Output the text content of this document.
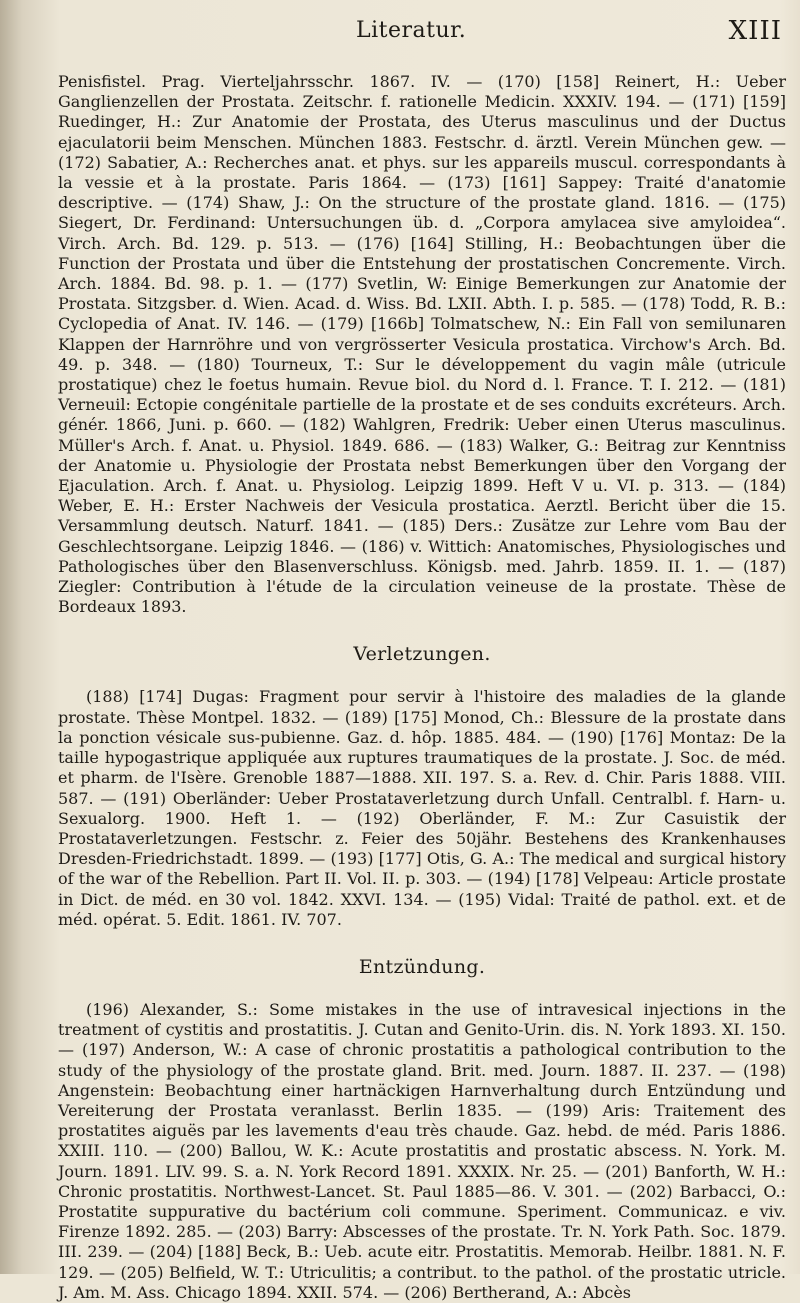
Literatur.	XIII

Penisfistel. Prag. Vierteljahrsschr. 1867. IV. — (170) [158] Reinert, H.: Ueber Ganglienzellen der Prostata. Zeitschr. f. rationelle Medicin. XXXIV. 194. — (171) [159] Ruedinger, H.: Zur Anatomie der Prostata, des Uterus masculinus und der Ductus ejaculatorii beim Menschen. München 1883. Festschr. d. ärztl. Verein München gew. — (172) Sabatier, A.: Recherches anat. et phys. sur les appareils muscul. correspondants à la vessie et à la prostate. Paris 1864. — (173) [161] Sappey: Traité d'anatomie descriptive. — (174) Shaw, J.: On the structure of the prostate gland. 1816. — (175) Siegert, Dr. Ferdinand: Untersuchungen üb. d. „Corpora amylacea sive amyloidea“. Virch. Arch. Bd. 129. p. 513. — (176) [164] Stilling, H.: Beobachtungen über die Function der Prostata und über die Entstehung der prostatischen Concremente. Virch. Arch. 1884. Bd. 98. p. 1. — (177) Svetlin, W: Einige Bemerkungen zur Anatomie der Prostata. Sitzgsber. d. Wien. Acad. d. Wiss. Bd. LXII. Abth. I. p. 585. — (178) Todd, R. B.: Cyclopedia of Anat. IV. 146. — (179) [166b] Tolmatschew, N.: Ein Fall von semilunaren Klappen der Harnröhre und von vergrösserter Vesicula prostatica. Virchow's Arch. Bd. 49. p. 348. — (180) Tourneux, T.: Sur le développement du vagin mâle (utricule prostatique) chez le foetus humain. Revue biol. du Nord d. l. France. T. I. 212. — (181) Verneuil: Ectopie congénitale partielle de la prostate et de ses conduits excréteurs. Arch. génér. 1866, Juni. p. 660. — (182) Wahlgren, Fredrik: Ueber einen Uterus masculinus. Müller's Arch. f. Anat. u. Physiol. 1849. 686. — (183) Walker, G.: Beitrag zur Kenntniss der Anatomie u. Physiologie der Prostata nebst Bemerkungen über den Vorgang der Ejaculation. Arch. f. Anat. u. Physiolog. Leipzig 1899. Heft V u. VI. p. 313. — (184) Weber, E. H.: Erster Nachweis der Vesicula prostatica. Aerztl. Bericht über die 15. Versammlung deutsch. Naturf. 1841. — (185) Ders.: Zusätze zur Lehre vom Bau der Geschlechtsorgane. Leipzig 1846. — (186) v. Wittich: Anatomisches, Physiologisches und Pathologisches über den Blasenverschluss. Königsb. med. Jahrb. 1859. II. 1. — (187) Ziegler: Contribution à l'étude de la circulation veineuse de la prostate. Thèse de Bordeaux 1893.

Verletzungen.

(188) [174] Dugas: Fragment pour servir à l'histoire des maladies de la glande prostate. Thèse Montpel. 1832. — (189) [175] Monod, Ch.: Blessure de la prostate dans la ponction vésicale sus-pubienne. Gaz. d. hôp. 1885. 484. — (190) [176] Montaz: De la taille hypogastrique appliquée aux ruptures traumatiques de la prostate. J. Soc. de méd. et pharm. de l'Isère. Grenoble 1887—1888. XII. 197. S. a. Rev. d. Chir. Paris 1888. VIII. 587. — (191) Oberländer: Ueber Prostataverletzung durch Unfall. Centralbl. f. Harn- u. Sexualorg. 1900. Heft 1. — (192) Oberländer, F. M.: Zur Casuistik der Prostataverletzungen. Festschr. z. Feier des 50jähr. Bestehens des Krankenhauses Dresden-Friedrichstadt. 1899. — (193) [177] Otis, G. A.: The medical and surgical history of the war of the Rebellion. Part II. Vol. II. p. 303. — (194) [178] Velpeau: Article prostate in Dict. de méd. en 30 vol. 1842. XXVI. 134. — (195) Vidal: Traité de pathol. ext. et de méd. opérat. 5. Edit. 1861. IV. 707.

Entzündung.

(196) Alexander, S.: Some mistakes in the use of intravesical injections in the treatment of cystitis and prostatitis. J. Cutan and Genito-Urin. dis. N. York 1893. XI. 150. — (197) Anderson, W.: A case of chronic prostatitis a pathological contribution to the study of the physiology of the prostate gland. Brit. med. Journ. 1887. II. 237. — (198) Angenstein: Beobachtung einer hartnäckigen Harnverhaltung durch Entzündung und Vereiterung der Prostata veranlasst. Berlin 1835. — (199) Aris: Traitement des prostatites aiguës par les lavements d'eau très chaude. Gaz. hebd. de méd. Paris 1886. XXIII. 110. — (200) Ballou, W. K.: Acute prostatitis and prostatic abscess. N. York. M. Journ. 1891. LIV. 99. S. a. N. York Record 1891. XXXIX. Nr. 25. — (201) Banforth, W. H.: Chronic prostatitis. Northwest-Lancet. St. Paul 1885—86. V. 301. — (202) Barbacci, O.: Prostatite suppurative du bactérium coli commune. Speriment. Communicaz. e viv. Firenze 1892. 285. — (203) Barry: Abscesses of the prostate. Tr. N. York Path. Soc. 1879. III. 239. — (204) [188] Beck, B.: Ueb. acute eitr. Prostatitis. Memorab. Heilbr. 1881. N. F. 129. — (205) Belfield, W. T.: Utriculitis; a contribut. to the pathol. of the prostatic utricle. J. Am. M. Ass. Chicago 1894. XXII. 574. — (206) Bertherand, A.: Abcès
